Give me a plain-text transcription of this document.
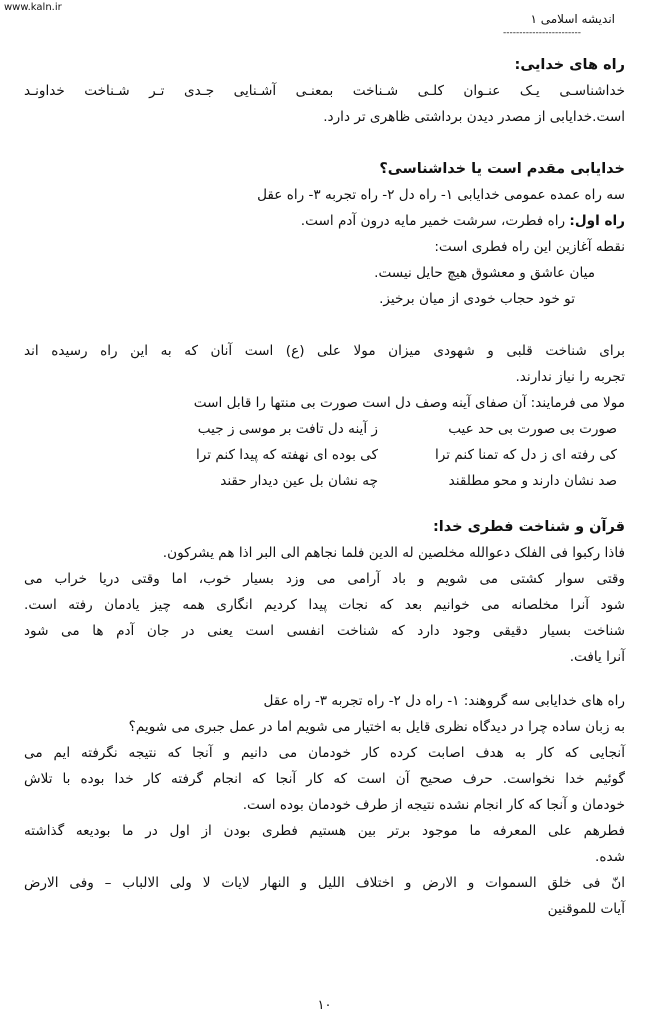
www.kaln.ir
اندیشه اسلامی ۱
------------------------
راه های خدایی:
خداشناسـی یـک عنـوان کلـی شـناخت بمعنـی آشـنایی جـدی تـر شـناخت خداونـد
است.خدایابی از مصدر دیدن برداشتی ظاهری تر دارد.
خدایابی مقدم است یا خداشناسی؟
سه راه عمده عمومی خدایابی ۱- راه دل ۲- راه تجربه ۳- راه عقل
راه اول: راه فطرت، سرشت خمیر مایه درون آدم است.
نقطه آغازین این راه فطری است:
میان عاشق و معشوق هیچ حایل نیست.
تو خود حجاب خودی از میان برخیز.
برای شناخت قلبی و شهودی میزان مولا علی (ع) است آنان که به این راه رسیده اند
تجربه را نیاز ندارند.
مولا می فرمایند: آن صفای آینه وصف دل است صورت بی منتها را قابل است
صورت بی صورت بی حد عیب
ز آینه دل تافت بر موسی ز جیب
کی رفته ای ز دل که تمنا کنم ترا
کی بوده ای نهفته که پیدا کنم ترا
صد نشان دارند و محو مطلقند
چه نشان بل عین دیدار حقند
قرآن و شناخت فطری خدا:
فاذا رکبوا فی الفلک دعوالله مخلصین له الدین فلما نجاهم الی البر اذا هم یشرکون.
وقتی سوار کشتی می شویم و باد آرامی می وزد بسیار خوب، اما وقتی دریا خراب می
شود آنرا مخلصانه می خوانیم بعد که نجات پیدا کردیم انگاری همه چیز یادمان رفته است.
شناخت بسیار دقیقی وجود دارد که شناخت انفسی است یعنی در جان آدم ها می شود
آنرا یافت.
راه های خدایابی سه گروهند: ۱- راه دل ۲- راه تجربه ۳- راه عقل
به زبان ساده چرا در دیدگاه نظری قایل به اختیار می شویم اما در عمل جبری می شویم؟
آنجایی که کار به هدف اصابت کرده کار خودمان می دانیم و آنجا که نتیجه نگرفته ایم می
گوئیم خدا نخواست. حرف صحیح آن است که کار آنجا که انجام گرفته کار خدا بوده با تلاش
خودمان و آنجا که کار انجام نشده نتیجه از طرف خودمان بوده است.
فطرهم علی المعرفه ما موجود برتر بین هستیم فطری بودن از اول در ما بودیعه گذاشته
شده.
انّ فی خلق السموات و الارض و اختلاف اللیل و النهار لایات لا ولی الالباب – وفی الارض
آیات للموقنین
۱۰
